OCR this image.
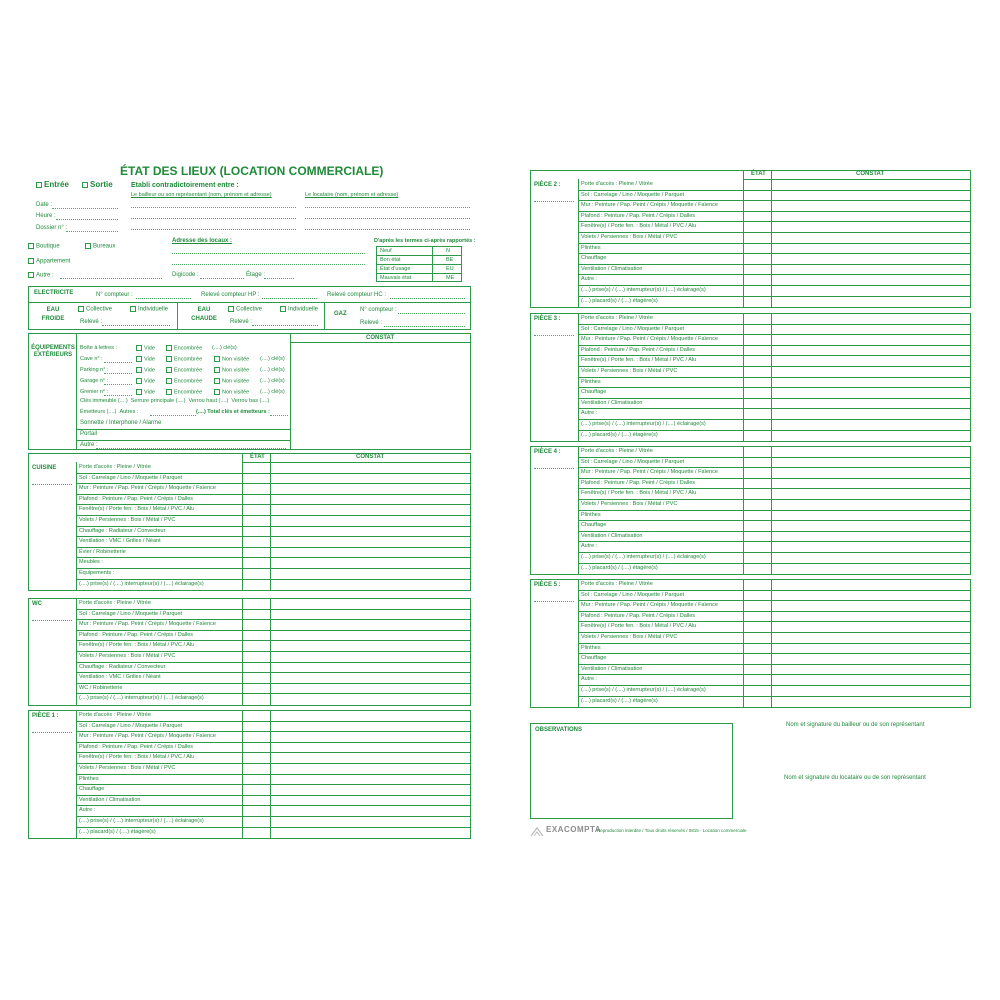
ÉTAT DES LIEUX (LOCATION COMMERCIALE)
Entrée	Sortie	Etabli contradictoirement entre :
Le bailleur ou son représentant (nom, prénom et adresse)	Le locataire (nom, prénom et adresse)
Date :
Heure :
Dossier n° :
Boutique	Bureaux
Appartement
Autre :
Adresse des locaux :
Digicode :	Étage :
D'après les termes ci-après rapportés :
Neuf	N
Bon état	BE
État d'usage	EU
Mauvais état	ME
ELECTRICITE	N° compteur :	Relevé compteur HP :	Relevé compteur HC :
EAU FROIDE
Collective	Individuelle
Relevé :
EAU CHAUDE
Collective	Individuelle
Relevé :
GAZ
N° compteur :
Relevé :
CONSTAT
ÉQUIPEMENTS EXTÉRIEURS
Boîte à lettres :	Vide	Encombrée (....) clé(s)
Cave n° :	Vide	Encombrée	Non visitée (....) clé(s)
Parking n° :	Vide	Encombrée	Non visitée (....) clé(s)
Garage n° :	Vide	Encombrée	Non visitée (....) clé(s)
Grenier n° :	Vide	Encombrée	Non visitée (....) clé(s)
Clés immeuble (....) Serrure principale (....) Verrou haut (....) Verrou bas (....)
Émetteurs (....) Autres :	(....) Total clés et émetteurs :
Sonnette / Interphone / Alarme
Portail
Autre :
ÉTAT	CONSTAT
CUISINE	Porte d'accès : Pleine / Vitrée
Sol : Carrelage / Lino / Moquette / Parquet
Mur : Peinture / Pap. Peint / Crépis / Moquette / Faïence
Plafond : Peinture / Pap. Peint / Crépis / Dalles
Fenêtre(s) / Porte fen. : Bois / Métal / PVC / Alu
Volets / Persiennes : Bois / Métal / PVC
Chauffage : Radiateur / Convecteur
Ventilation : VMC / Grilles / Néant
Évier / Robinetterie
Meubles :
Équipements :
(....) prise(s) / (....) interrupteur(s) / (....) éclairage(s)
WC	Porte d'accès : Pleine / Vitrée
Sol : Carrelage / Lino / Moquette / Parquet
Mur : Peinture / Pap. Peint / Crépis / Moquette / Faïence
Plafond : Peinture / Pap. Peint / Crépis / Dalles
Fenêtre(s) / Porte fen. : Bois / Métal / PVC / Alu
Volets / Persiennes : Bois / Métal / PVC
Chauffage : Radiateur / Convecteur
Ventilation : VMC / Grilles / Néant
WC / Robinetterie
(....) prise(s) / (....) interrupteur(s) / (....) éclairage(s)
PIÈCE 1 :	Porte d'accès : Pleine / Vitrée
Sol : Carrelage / Lino / Moquette / Parquet
Mur : Peinture / Pap. Peint / Crépis / Moquette / Faïence
Plafond : Peinture / Pap. Peint / Crépis / Dalles
Fenêtre(s) / Porte fen. : Bois / Métal / PVC / Alu
Volets / Persiennes : Bois / Métal / PVC
Plinthes
Chauffage
Ventilation / Climatisation
Autre :
(....) prise(s) / (....) interrupteur(s) / (....) éclairage(s)
(....) placard(s) / (....) étagère(s)
ÉTAT	CONSTAT
PIÈCE 2 :	Porte d'accès : Pleine / Vitrée
Sol : Carrelage / Lino / Moquette / Parquet
Mur : Peinture / Pap. Peint / Crépis / Moquette / Faïence
Plafond : Peinture / Pap. Peint / Crépis / Dalles
Fenêtre(s) / Porte fen. : Bois / Métal / PVC / Alu
Volets / Persiennes : Bois / Métal / PVC
Plinthes
Chauffage
Ventilation / Climatisation
Autre :
(....) prise(s) / (....) interrupteur(s) / (....) éclairage(s)
(....) placard(s) / (....) étagère(s)
PIÈCE 3 :	Porte d'accès : Pleine / Vitrée
Sol : Carrelage / Lino / Moquette / Parquet
Mur : Peinture / Pap. Peint / Crépis / Moquette / Faïence
Plafond : Peinture / Pap. Peint / Crépis / Dalles
Fenêtre(s) / Porte fen. : Bois / Métal / PVC / Alu
Volets / Persiennes : Bois / Métal / PVC
Plinthes
Chauffage
Ventilation / Climatisation
Autre :
(....) prise(s) / (....) interrupteur(s) / (....) éclairage(s)
(....) placard(s) / (....) étagère(s)
PIÈCE 4 :	Porte d'accès : Pleine / Vitrée
Sol : Carrelage / Lino / Moquette / Parquet
Mur : Peinture / Pap. Peint / Crépis / Moquette / Faïence
Plafond : Peinture / Pap. Peint / Crépis / Dalles
Fenêtre(s) / Porte fen. : Bois / Métal / PVC / Alu
Volets / Persiennes : Bois / Métal / PVC
Plinthes
Chauffage
Ventilation / Climatisation
Autre :
(....) prise(s) / (....) interrupteur(s) / (....) éclairage(s)
(....) placard(s) / (....) étagère(s)
PIÈCE 5 :	Porte d'accès : Pleine / Vitrée
Sol : Carrelage / Lino / Moquette / Parquet
Mur : Peinture / Pap. Peint / Crépis / Moquette / Faïence
Plafond : Peinture / Pap. Peint / Crépis / Dalles
Fenêtre(s) / Porte fen. : Bois / Métal / PVC / Alu
Volets / Persiennes : Bois / Métal / PVC
Plinthes
Chauffage
Ventilation / Climatisation
Autre :
(....) prise(s) / (....) interrupteur(s) / (....) éclairage(s)
(....) placard(s) / (....) étagère(s)
OBSERVATIONS
Nom et signature du bailleur ou de son représentant
Nom et signature du locataire ou de son représentant
EXACOMPTA
Reproduction interdite / Tous droits réservés / 0815 - Location commerciale
